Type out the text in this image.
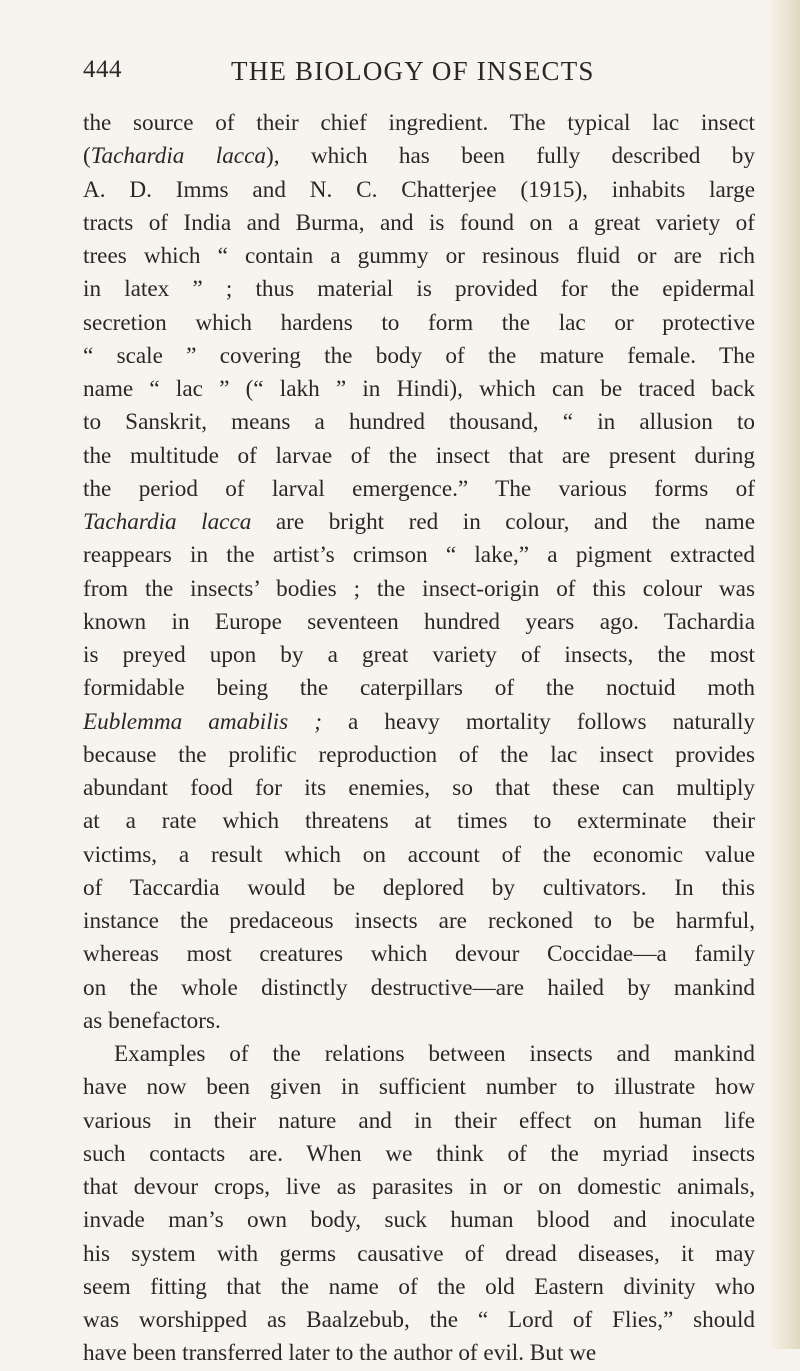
444	THE BIOLOGY OF INSECTS
the source of their chief ingredient. The typical lac insect
(Tachardia lacca), which has been fully described by
A. D. Imms and N. C. Chatterjee (1915), inhabits large
tracts of India and Burma, and is found on a great variety of
trees which “ contain a gummy or resinous fluid or are rich
in latex ” ; thus material is provided for the epidermal
secretion which hardens to form the lac or protective
“ scale ” covering the body of the mature female. The
name “ lac ” (“ lakh ” in Hindi), which can be traced back
to Sanskrit, means a hundred thousand, “ in allusion to
the multitude of larvae of the insect that are present during
the period of larval emergence.” The various forms of
Tachardia lacca are bright red in colour, and the name
reappears in the artist’s crimson “ lake,” a pigment extracted
from the insects’ bodies ; the insect-origin of this colour was
known in Europe seventeen hundred years ago. Tachardia
is preyed upon by a great variety of insects, the most
formidable being the caterpillars of the noctuid moth
Eublemma amabilis ; a heavy mortality follows naturally
because the prolific reproduction of the lac insect provides
abundant food for its enemies, so that these can multiply
at a rate which threatens at times to exterminate their
victims, a result which on account of the economic value
of Taccardia would be deplored by cultivators. In this
instance the predaceous insects are reckoned to be harmful,
whereas most creatures which devour Coccidae—a family
on the whole distinctly destructive—are hailed by mankind
as benefactors.
Examples of the relations between insects and mankind
have now been given in sufficient number to illustrate how
various in their nature and in their effect on human life
such contacts are. When we think of the myriad insects
that devour crops, live as parasites in or on domestic animals,
invade man’s own body, suck human blood and inoculate
his system with germs causative of dread diseases, it may
seem fitting that the name of the old Eastern divinity who
was worshipped as Baalzebub, the “ Lord of Flies,” should
have been transferred later to the author of evil. But we
